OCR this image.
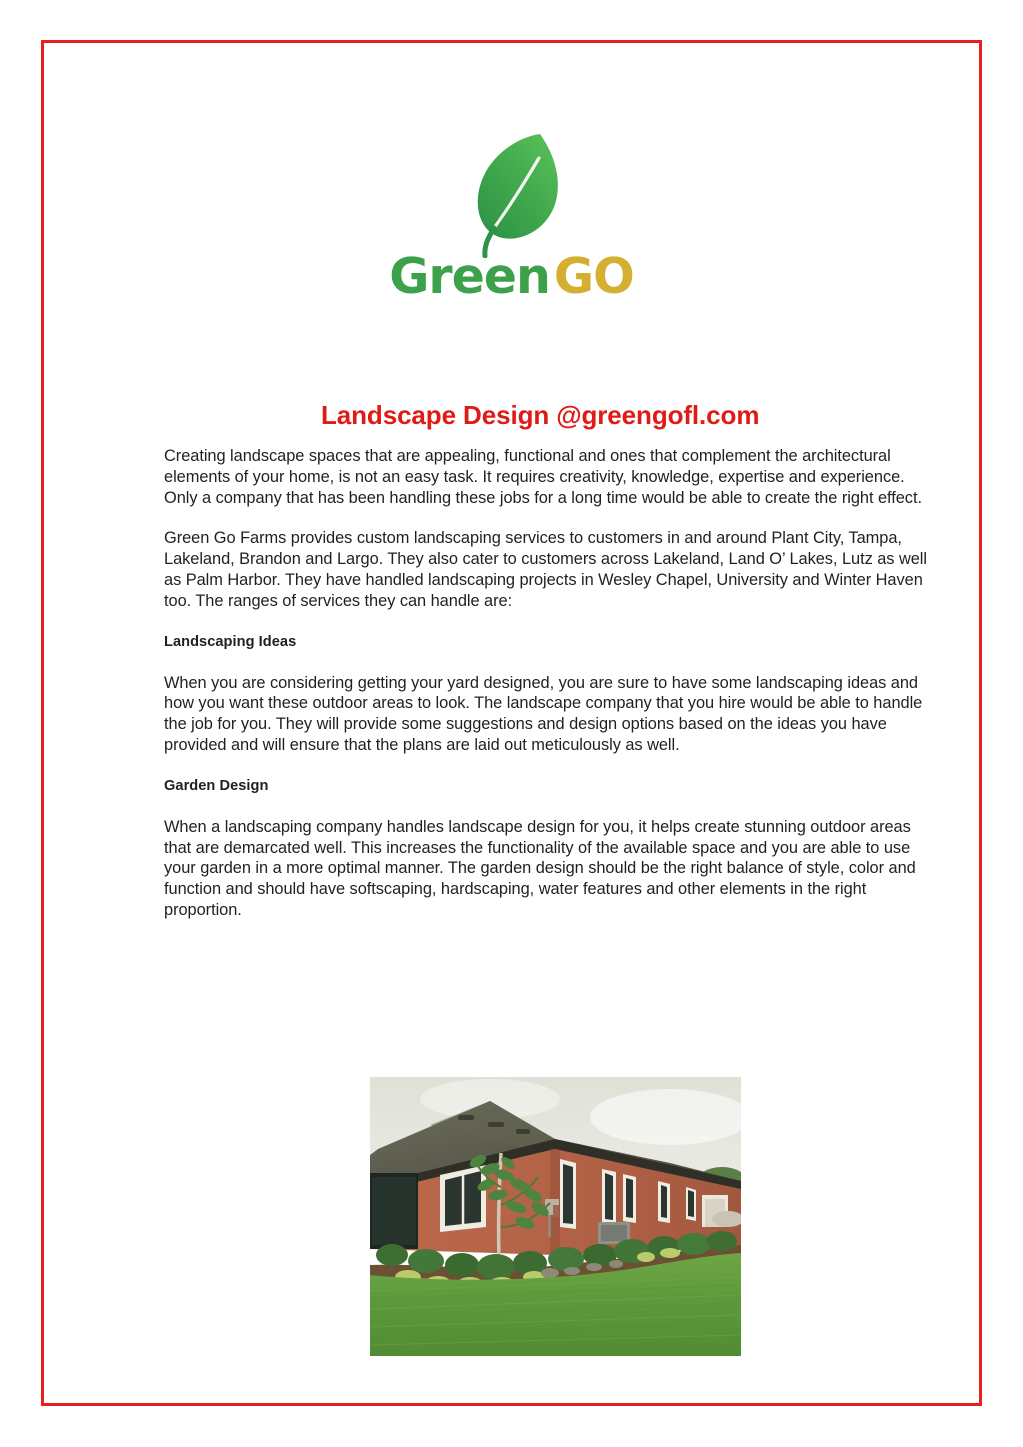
GreenGO
Landscape Design @greengofl.com

Creating landscape spaces that are appealing, functional and ones that complement the architectural elements of your home, is not an easy task. It requires creativity, knowledge, expertise and experience. Only a company that has been handling these jobs for a long time would be able to create the right effect.

Green Go Farms provides custom landscaping services to customers in and around Plant City, Tampa, Lakeland, Brandon and Largo. They also cater to customers across Lakeland, Land O’ Lakes, Lutz as well as Palm Harbor. They have handled landscaping projects in Wesley Chapel, University and Winter Haven too. The ranges of services they can handle are:

Landscaping Ideas

When you are considering getting your yard designed, you are sure to have some landscaping ideas and how you want these outdoor areas to look. The landscape company that you hire would be able to handle the job for you. They will provide some suggestions and design options based on the ideas you have provided and will ensure that the plans are laid out meticulously as well.

Garden Design

When a landscaping company handles landscape design for you, it helps create stunning outdoor areas that are demarcated well. This increases the functionality of the available space and you are able to use your garden in a more optimal manner. The garden design should be the right balance of style, color and function and should have softscaping, hardscaping, water features and other elements in the right proportion.
